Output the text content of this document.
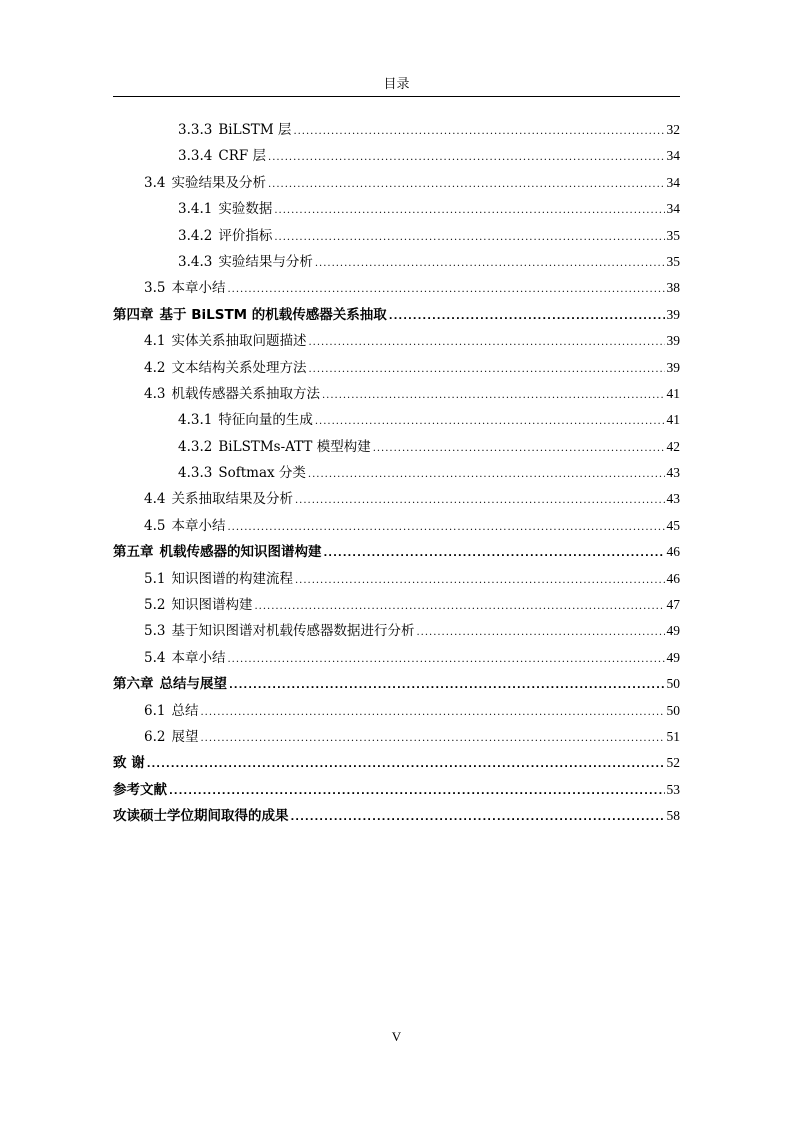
目录
3.3.3 BiLSTM 层 .....	32
3.3.4 CRF 层 .....	34
3.4 实验结果及分析 .....	34
3.4.1 实验数据 .....	34
3.4.2 评价指标 .....	35
3.4.3 实验结果与分析 .....	35
3.5 本章小结 .....	38
第四章 基于 BiLSTM 的机载传感器关系抽取 .....	39
4.1 实体关系抽取问题描述 .....	39
4.2 文本结构关系处理方法 .....	39
4.3 机载传感器关系抽取方法 .....	41
4.3.1 特征向量的生成 .....	41
4.3.2 BiLSTMs-ATT 模型构建 .....	42
4.3.3 Softmax 分类 .....	43
4.4 关系抽取结果及分析 .....	43
4.5 本章小结 .....	45
第五章 机载传感器的知识图谱构建 .....	46
5.1 知识图谱的构建流程 .....	46
5.2 知识图谱构建 .....	47
5.3 基于知识图谱对机载传感器数据进行分析 .....	49
5.4 本章小结 .....	49
第六章 总结与展望 .....	50
6.1 总结 .....	50
6.2 展望 .....	51
致 谢 .....	52
参考文献 .....	53
攻读硕士学位期间取得的成果 .....	58
V
